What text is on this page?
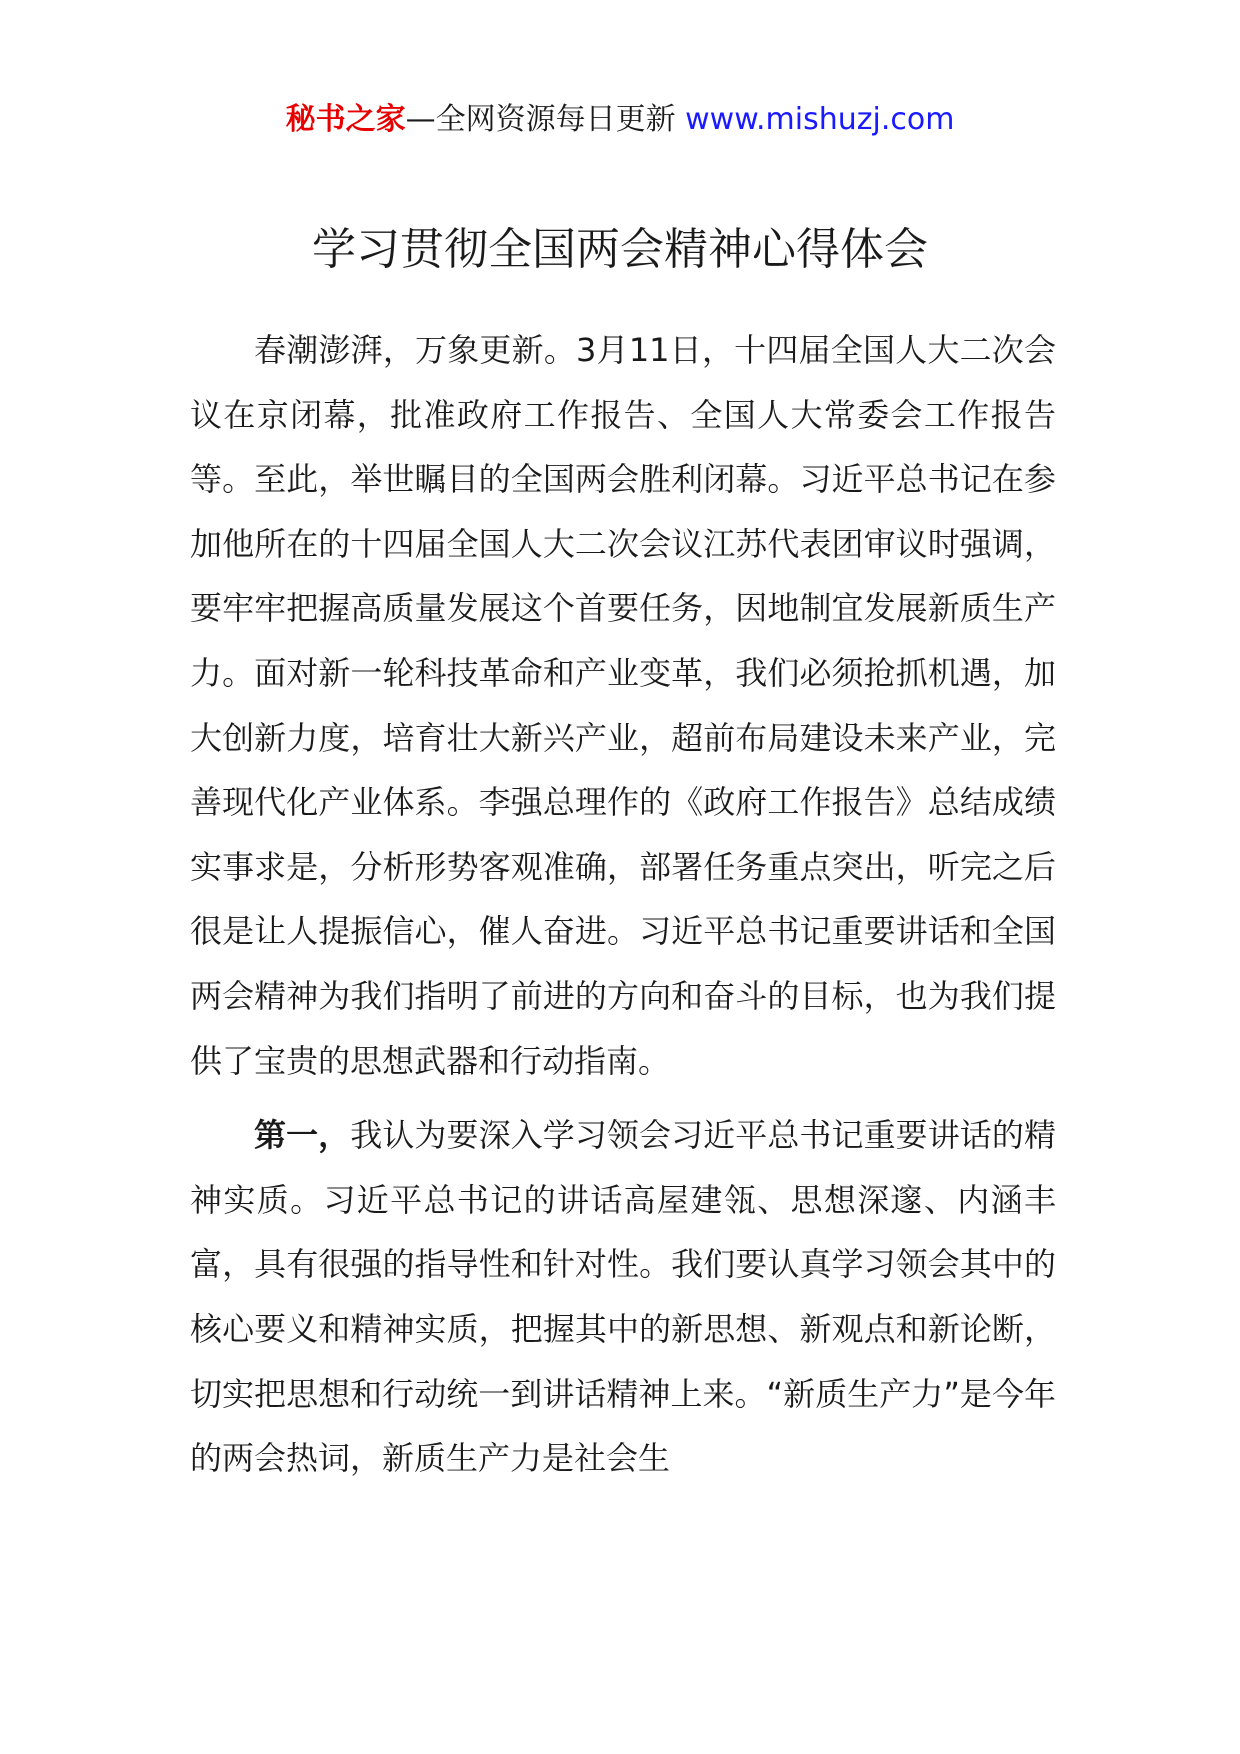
秘书之家—全网资源每日更新 www.mishuzj.com
学习贯彻全国两会精神心得体会

春潮澎湃，万象更新。3月11日，十四届全国人大二次会议在京闭幕，批准政府工作报告、全国人大常委会工作报告等。至此，举世瞩目的全国两会胜利闭幕。习近平总书记在参加他所在的十四届全国人大二次会议江苏代表团审议时强调，要牢牢把握高质量发展这个首要任务，因地制宜发展新质生产力。面对新一轮科技革命和产业变革，我们必须抢抓机遇，加大创新力度，培育壮大新兴产业，超前布局建设未来产业，完善现代化产业体系。李强总理作的《政府工作报告》总结成绩实事求是，分析形势客观准确，部署任务重点突出，听完之后很是让人提振信心，催人奋进。习近平总书记重要讲话和全国两会精神为我们指明了前进的方向和奋斗的目标，也为我们提供了宝贵的思想武器和行动指南。

第一，我认为要深入学习领会习近平总书记重要讲话的精神实质。习近平总书记的讲话高屋建瓴、思想深邃、内涵丰富，具有很强的指导性和针对性。我们要认真学习领会其中的核心要义和精神实质，把握其中的新思想、新观点和新论断，切实把思想和行动统一到讲话精神上来。“新质生产力”是今年的两会热词，新质生产力是社会生
